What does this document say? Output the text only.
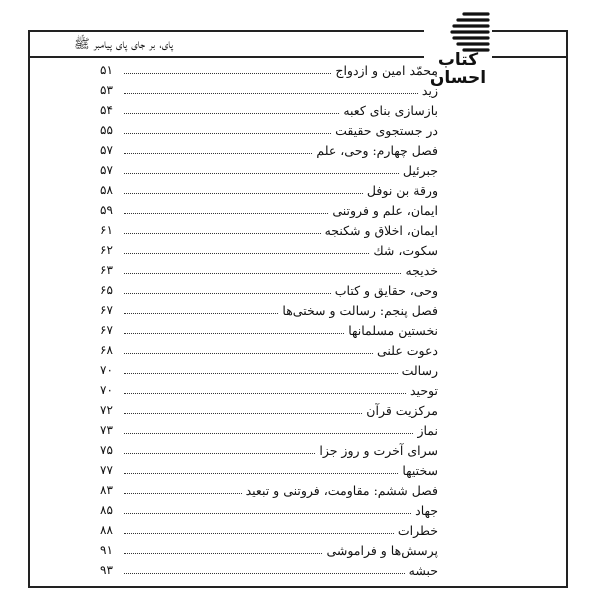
پای، بر جای پای پیامبر ﷺ
کتاب
احسان
۵۱	محمّد امین و ازدواج
۵۳	زید
۵۴	بازسازی بنای کعبه
۵۵	در جستجوی حقیقت
۵۷	فصل چهارم: وحی، علم
۵۷	جبرئیل
۵۸	ورقة بن نوفل
۵۹	ایمان، علم و فروتنی
۶۱	ایمان، اخلاق و شکنجه
۶۲	سکوت، شك
۶۳	خدیجه
۶۵	وحی، حقایق و کتاب
۶۷	فصل پنجم: رسالت و سختی‌ها
۶۷	نخستین مسلمانها
۶۸	دعوت علنی
۷۰	رسالت
۷۰	توحید
۷۲	مرکزیت قرآن
۷۳	نماز
۷۵	سرای آخرت و روز جزا
۷۷	سختیها
۸۳	فصل ششم: مقاومت، فروتنی و تبعید
۸۵	جهاد
۸۸	خطرات
۹۱	پرسش‌ها و فراموشی
۹۳	حبشه
